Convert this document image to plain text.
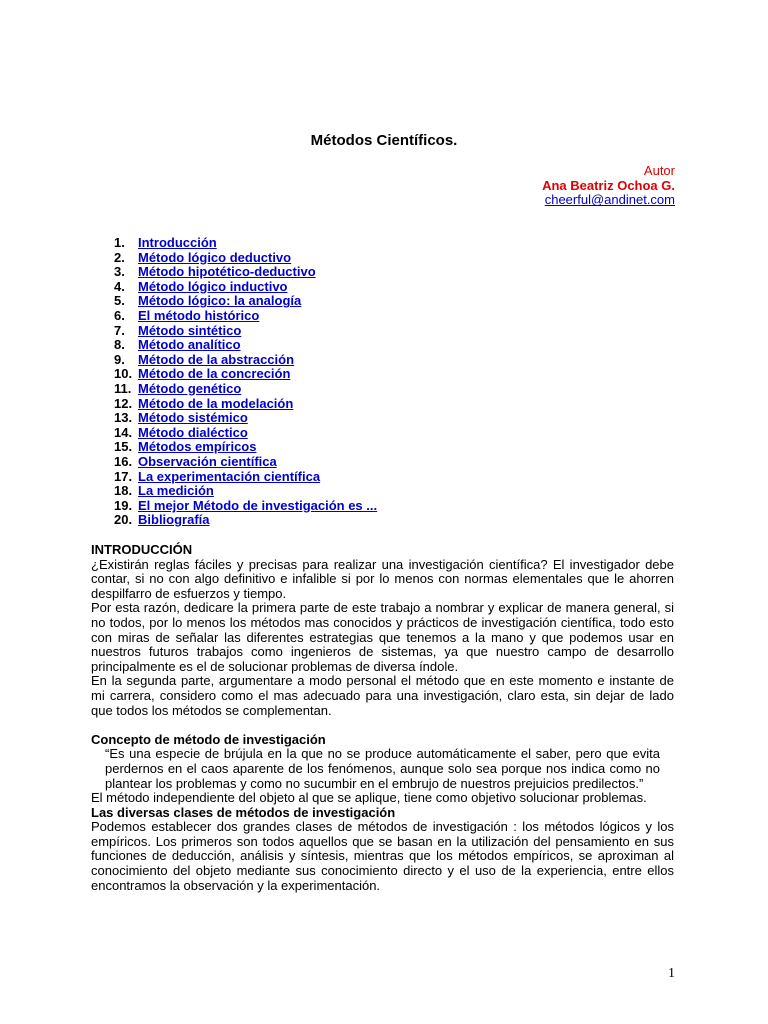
Métodos Científicos.
Autor
Ana Beatriz Ochoa G.
cheerful@andinet.com
1. Introducción
2. Método lógico deductivo
3. Método hipotético-deductivo
4. Método lógico inductivo
5. Método lógico: la analogía
6. El método histórico
7. Método sintético
8. Método analítico
9. Método de la abstracción
10. Método de la concreción
11. Método genético
12. Método de la modelación
13. Método sistémico
14. Método dialéctico
15. Métodos empíricos
16. Observación científica
17. La experimentación científica
18. La medición
19. El mejor Método de investigación es ...
20. Bibliografía

INTRODUCCIÓN

¿Existirán reglas fáciles y precisas para realizar una investigación científica? El investigador debe contar, si no con algo definitivo e infalible si por lo menos con normas elementales que le ahorren despilfarro de esfuerzos y tiempo.

Por esta razón, dedicare la primera parte de este trabajo a nombrar y explicar de manera general, si no todos, por lo menos los métodos mas conocidos y prácticos de investigación científica, todo esto con miras de señalar las diferentes estrategias que tenemos a la mano y que podemos usar en nuestros futuros trabajos como ingenieros de sistemas, ya que nuestro campo de desarrollo principalmente es el de solucionar problemas de diversa índole.

En la segunda parte, argumentare a modo personal el método que en este momento e instante de mi carrera, considero como el mas adecuado para una investigación, claro esta, sin dejar de lado que todos los métodos se complementan.

Concepto de método de investigación

“Es una especie de brújula en la que no se produce automáticamente el saber, pero que evita perdernos en el caos aparente de los fenómenos, aunque solo sea porque nos indica como no plantear los problemas y como no sucumbir en el embrujo de nuestros prejuicios predilectos.”

El método independiente del objeto al que se aplique, tiene como objetivo solucionar problemas.

Las diversas clases de métodos de investigación

Podemos establecer dos grandes clases de métodos de investigación : los métodos lógicos y los empíricos. Los primeros son todos aquellos que se basan en la utilización del pensamiento en sus funciones de deducción, análisis y síntesis, mientras que los métodos empíricos, se aproximan al conocimiento del objeto mediante sus conocimiento directo y el uso de la experiencia, entre ellos encontramos la observación y la experimentación.

1
